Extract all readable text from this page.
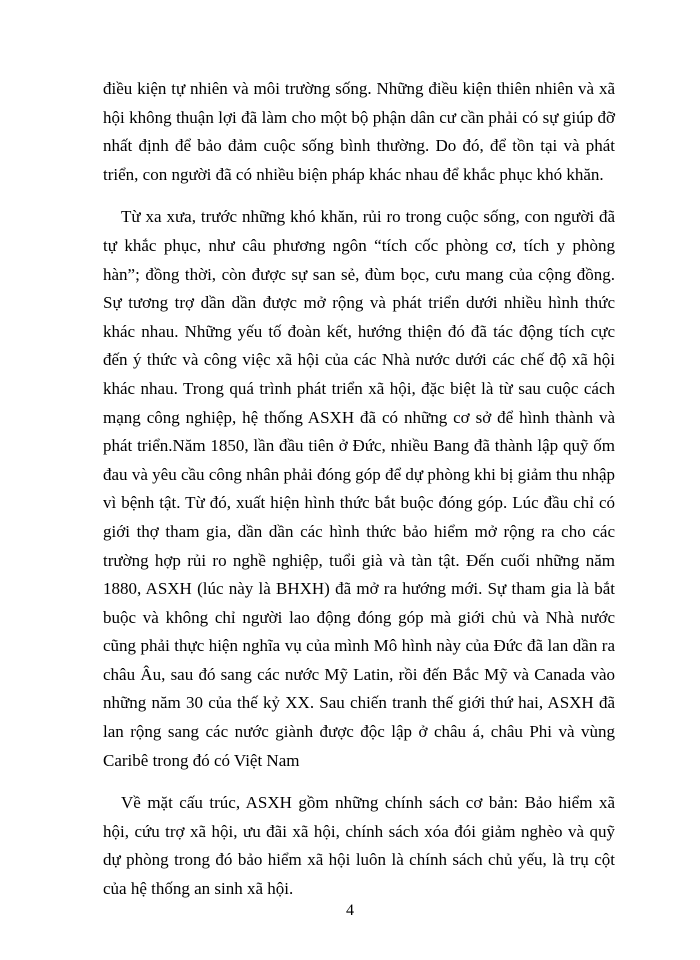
điều kiện tự nhiên và môi trường sống. Những điều kiện thiên nhiên và xã hội không thuận lợi đã làm cho một bộ phận dân cư cần phải có sự giúp đỡ nhất định để bảo đảm cuộc sống bình thường. Do đó, để tồn tại và phát triển, con người đã có nhiều biện pháp khác nhau để khắc phục khó khăn.

Từ xa xưa, trước những khó khăn, rủi ro trong cuộc sống, con người đã tự khắc phục, như câu phương ngôn “tích cốc phòng cơ, tích y phòng hàn”; đồng thời, còn được sự san sẻ, đùm bọc, cưu mang của cộng đồng. Sự tương trợ dần dần được mở rộng và phát triển dưới nhiều hình thức khác nhau. Những yếu tố đoàn kết, hướng thiện đó đã tác động tích cực đến ý thức và công việc xã hội của các Nhà nước dưới các chế độ xã hội khác nhau. Trong quá trình phát triển xã hội, đặc biệt là từ sau cuộc cách mạng công nghiệp, hệ thống ASXH đã có những cơ sở để hình thành và phát triển.Năm 1850, lần đầu tiên ở Đức, nhiều Bang đã thành lập quỹ ốm đau và yêu cầu công nhân phải đóng góp để dự phòng khi bị giảm thu nhập vì bệnh tật. Từ đó, xuất hiện hình thức bắt buộc đóng góp. Lúc đầu chỉ có giới thợ tham gia, dần dần các hình thức bảo hiểm mở rộng ra cho các trường hợp rủi ro nghề nghiệp, tuổi già và tàn tật. Đến cuối những năm 1880, ASXH (lúc này là BHXH) đã mở ra hướng mới. Sự tham gia là bắt buộc và không chỉ người lao động đóng góp mà giới chủ và Nhà nước cũng phải thực hiện nghĩa vụ của mình Mô hình này của Đức đã lan dần ra châu Âu, sau đó sang các nước Mỹ Latin, rồi đến Bắc Mỹ và Canada vào những năm 30 của thế kỷ XX. Sau chiến tranh thế giới thứ hai, ASXH đã lan rộng sang các nước giành được độc lập ở châu á, châu Phi và vùng Caribê trong đó có Việt Nam

Về mặt cấu trúc, ASXH gồm những chính sách cơ bản: Bảo hiểm xã hội, cứu trợ xã hội, ưu đãi xã hội, chính sách xóa đói giảm nghèo và quỹ dự phòng trong đó bảo hiểm xã hội luôn là chính sách chủ yếu, là trụ cột của hệ thống an sinh xã hội.

4
